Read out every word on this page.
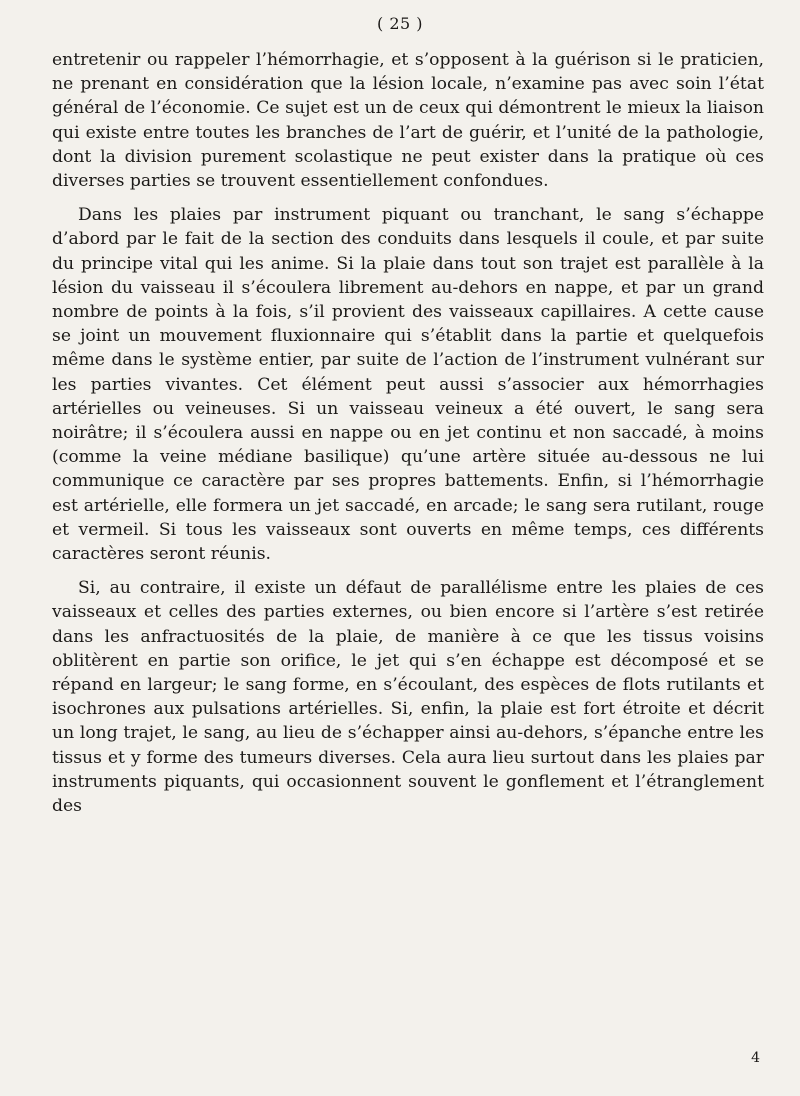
( 25 )

entretenir ou rappeler l’hémorrhagie, et s’opposent à la guérison si le praticien, ne prenant en considération que la lésion locale, n’examine pas avec soin l’état général de l’économie. Ce sujet est un de ceux qui démontrent le mieux la liaison qui existe entre toutes les branches de l’art de guérir, et l’unité de la pathologie, dont la division purement scolastique ne peut exister dans la pratique où ces diverses parties se trouvent essentiellement confondues.

Dans les plaies par instrument piquant ou tranchant, le sang s’échappe d’abord par le fait de la section des conduits dans lesquels il coule, et par suite du principe vital qui les anime. Si la plaie dans tout son trajet est parallèle à la lésion du vaisseau il s’écoulera librement au-dehors en nappe, et par un grand nombre de points à la fois, s’il provient des vaisseaux capillaires. A cette cause se joint un mouvement fluxionnaire qui s’établit dans la partie et quelquefois même dans le système entier, par suite de l’action de l’instrument vulnérant sur les parties vivantes. Cet élément peut aussi s’associer aux hémorrhagies artérielles ou veineuses. Si un vaisseau veineux a été ouvert, le sang sera noirâtre; il s’écoulera aussi en nappe ou en jet continu et non saccadé, à moins (comme la veine médiane basilique) qu’une artère située au-dessous ne lui communique ce caractère par ses propres battements. Enfin, si l’hémorrhagie est artérielle, elle formera un jet saccadé, en arcade; le sang sera rutilant, rouge et vermeil. Si tous les vaisseaux sont ouverts en même temps, ces différents caractères seront réunis.

Si, au contraire, il existe un défaut de parallélisme entre les plaies de ces vaisseaux et celles des parties externes, ou bien encore si l’artère s’est retirée dans les anfractuosités de la plaie, de manière à ce que les tissus voisins oblitèrent en partie son orifice, le jet qui s’en échappe est décomposé et se répand en largeur; le sang forme, en s’écoulant, des espèces de flots rutilants et isochrones aux pulsations artérielles. Si, enfin, la plaie est fort étroite et décrit un long trajet, le sang, au lieu de s’échapper ainsi au-dehors, s’épanche entre les tissus et y forme des tumeurs diverses. Cela aura lieu surtout dans les plaies par instruments piquants, qui occasionnent souvent le gonflement et l’étranglement des

4
